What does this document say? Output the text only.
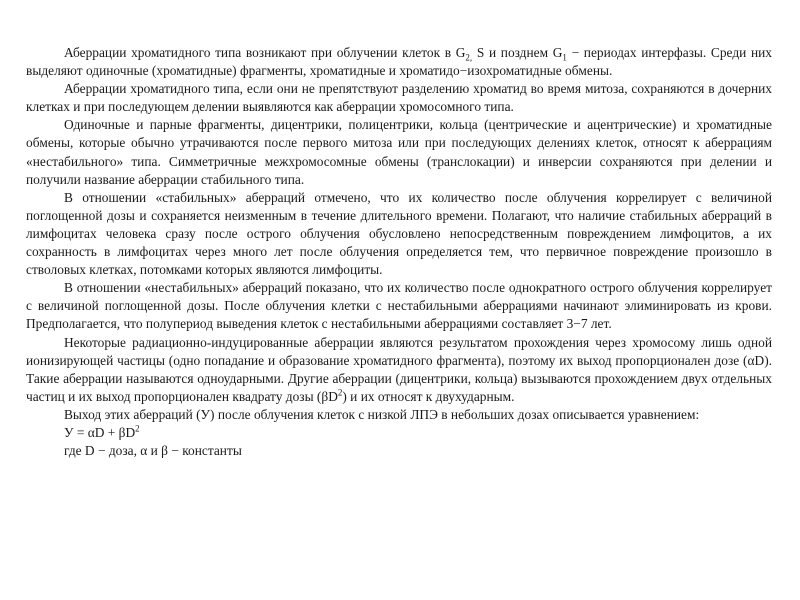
Аберрации хроматидного типа возникают при облучении клеток в $G_{2,}$ S и позднем $G_1$ − периодах интерфазы. Среди них выделяют одиночные (хроматидные) фрагменты, хроматидные и хроматидо−изохроматидные обмены.

Аберрации хроматидного типа, если они не препятствуют разделению хроматид во время митоза, сохраняются в дочерних клетках и при последующем делении выявляются как аберрации хромосомного типа.

Одиночные и парные фрагменты, дицентрики, полицентрики, кольца (центрические и ацентрические) и хроматидные обмены, которые обычно утрачиваются после первого митоза или при последующих делениях клеток, относят к аберрациям «нестабильного» типа. Симметричные межхромосомные обмены (транслокации) и инверсии сохраняются при делении и получили название аберрации стабильного типа.

В отношении «стабильных» аберраций отмечено, что их количество после облучения коррелирует с величиной поглощенной дозы и сохраняется неизменным в течение длительного времени. Полагают, что наличие стабильных аберраций в лимфоцитах человека сразу после острого облучения обусловлено непосредственным повреждением лимфоцитов, а их сохранность в лимфоцитах через много лет после облучения определяется тем, что первичное повреждение произошло в стволовых клетках, потомками которых являются лимфоциты.

В отношении «нестабильных» аберраций показано, что их количество после однократного острого облучения коррелирует с величиной поглощенной дозы. После облучения клетки с нестабильными аберрациями начинают элиминировать из крови. Предполагается, что полупериод выведения клеток с нестабильными аберрациями составляет 3−7 лет.

Некоторые радиационно-индуцированные аберрации являются результатом прохождения через хромосому лишь одной ионизирующей частицы (одно попадание и образование хроматидного фрагмента), поэтому их выход пропорционален дозе (αD). Такие аберрации называются одноударными. Другие аберрации (дицентрики, кольца) вызываются прохождением двух отдельных частиц и их выход пропорционален квадрату дозы $(\beta D^2)$ и их относят к двухударным.

Выход этих аберраций (У) после облучения клеток с низкой ЛПЭ в небольших дозах описывается уравнением:

$У = \alpha D + \beta D^2$

где D − доза, α и β − константы
